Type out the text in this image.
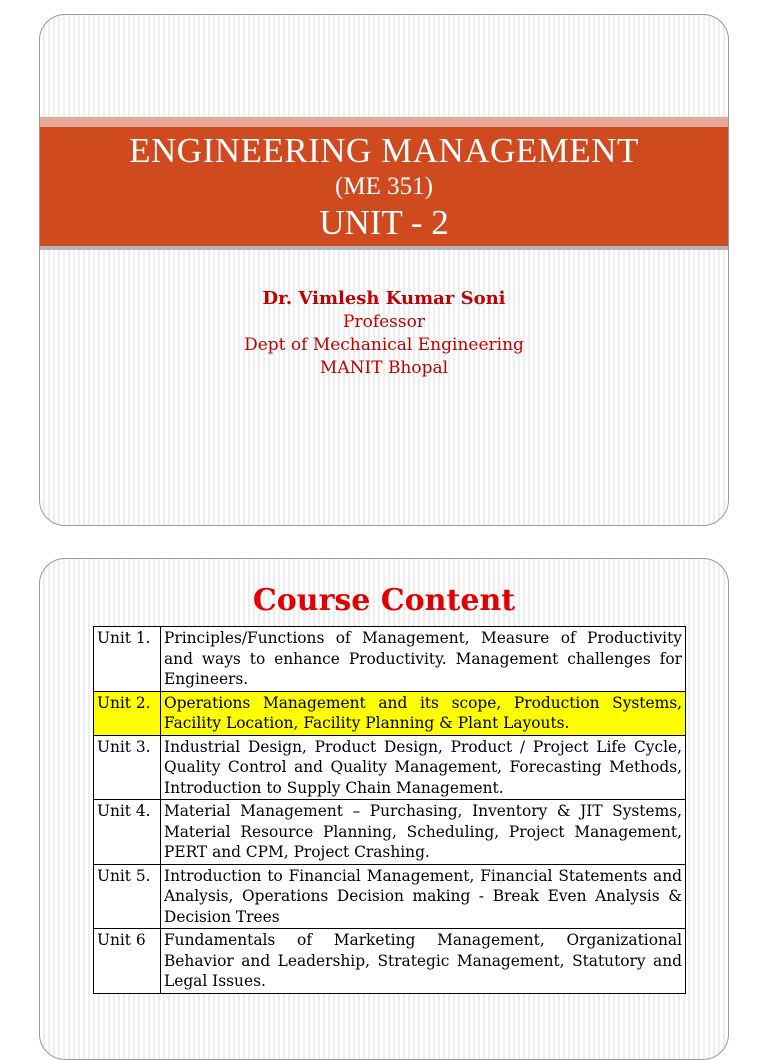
ENGINEERING MANAGEMENT
(ME 351)
UNIT - 2
Dr. Vimlesh Kumar Soni
Professor
Dept of Mechanical Engineering
MANIT Bhopal
Course Content
Unit 1.	Principles/Functions of Management, Measure of Productivity and ways to enhance Productivity. Management challenges for Engineers.
Unit 2.	Operations Management and its scope, Production Systems, Facility Location, Facility Planning & Plant Layouts.
Unit 3.	Industrial Design, Product Design, Product / Project Life Cycle, Quality Control and Quality Management, Forecasting Methods, Introduction to Supply Chain Management.
Unit 4.	Material Management – Purchasing, Inventory & JIT Systems, Material Resource Planning, Scheduling, Project Management, PERT and CPM, Project Crashing.
Unit 5.	Introduction to Financial Management, Financial Statements and Analysis, Operations Decision making - Break Even Analysis & Decision Trees
Unit 6	Fundamentals of Marketing Management, Organizational Behavior and Leadership, Strategic Management, Statutory and Legal Issues.
